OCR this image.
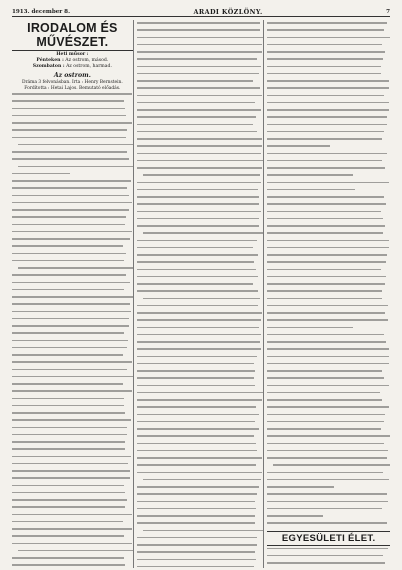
1913. december 8.	ARADI KÖZLÖNY.	7
IRODALOM ÉS MŰVÉSZET.
Heti műsor :
Pénteken : Az ostrom, másod.
Szombaton : Az ostrom, harmad.
Az ostrom.
Dráma 3 felvonásban. Irta : Henry Bernstein. Fordította : Hetai Lajos. Bemutató előadás.
EGYESÜLETI ÉLET.
